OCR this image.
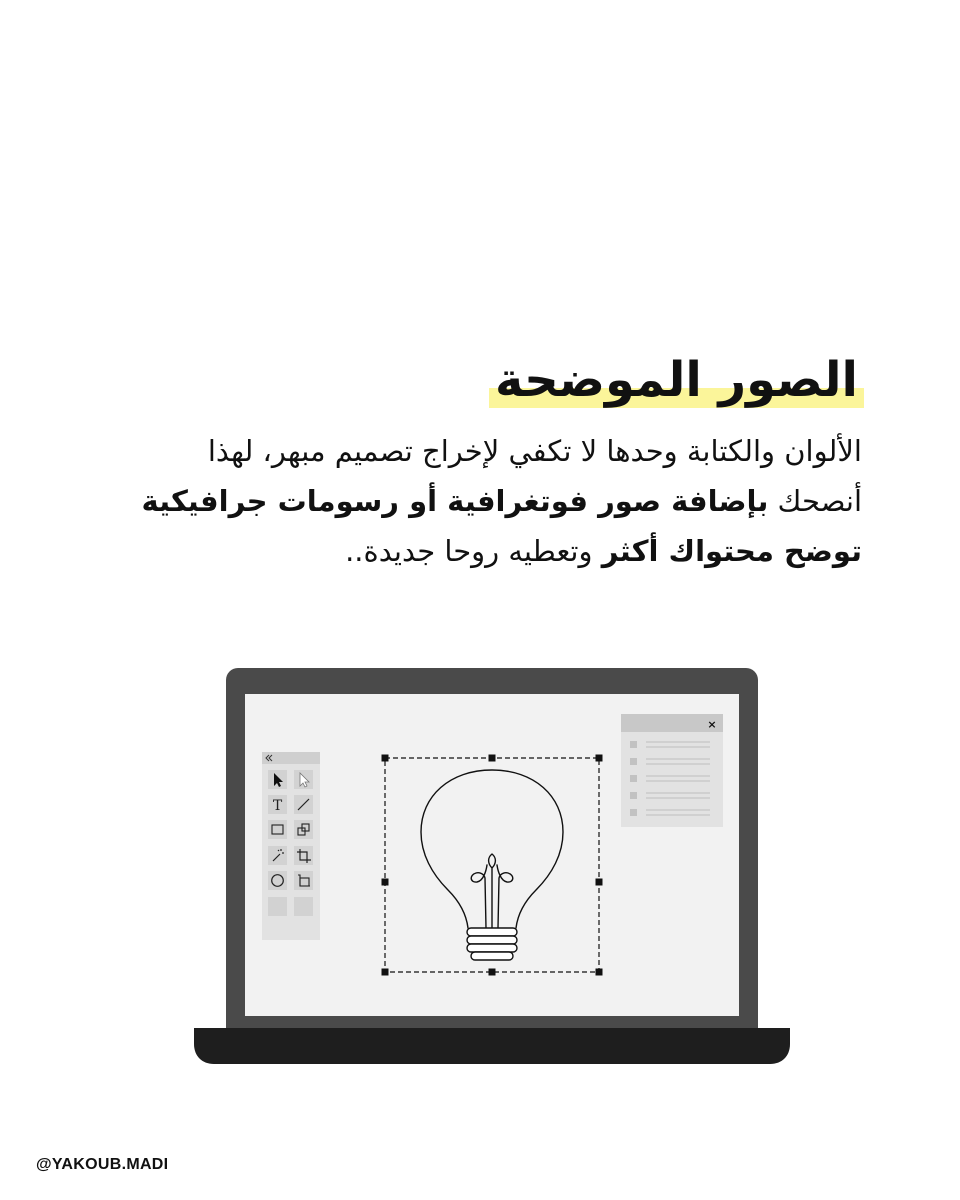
الصور الموضحة

الألوان والكتابة وحدها لا تكفي لإخراج تصميم مبهر، لهذا
أنصحك بإضافة صور فوتغرافية أو رسومات جرافيكية
توضح محتواك أكثر وتعطيه روحا جديدة..

T
×
@YAKOUB.MADI
